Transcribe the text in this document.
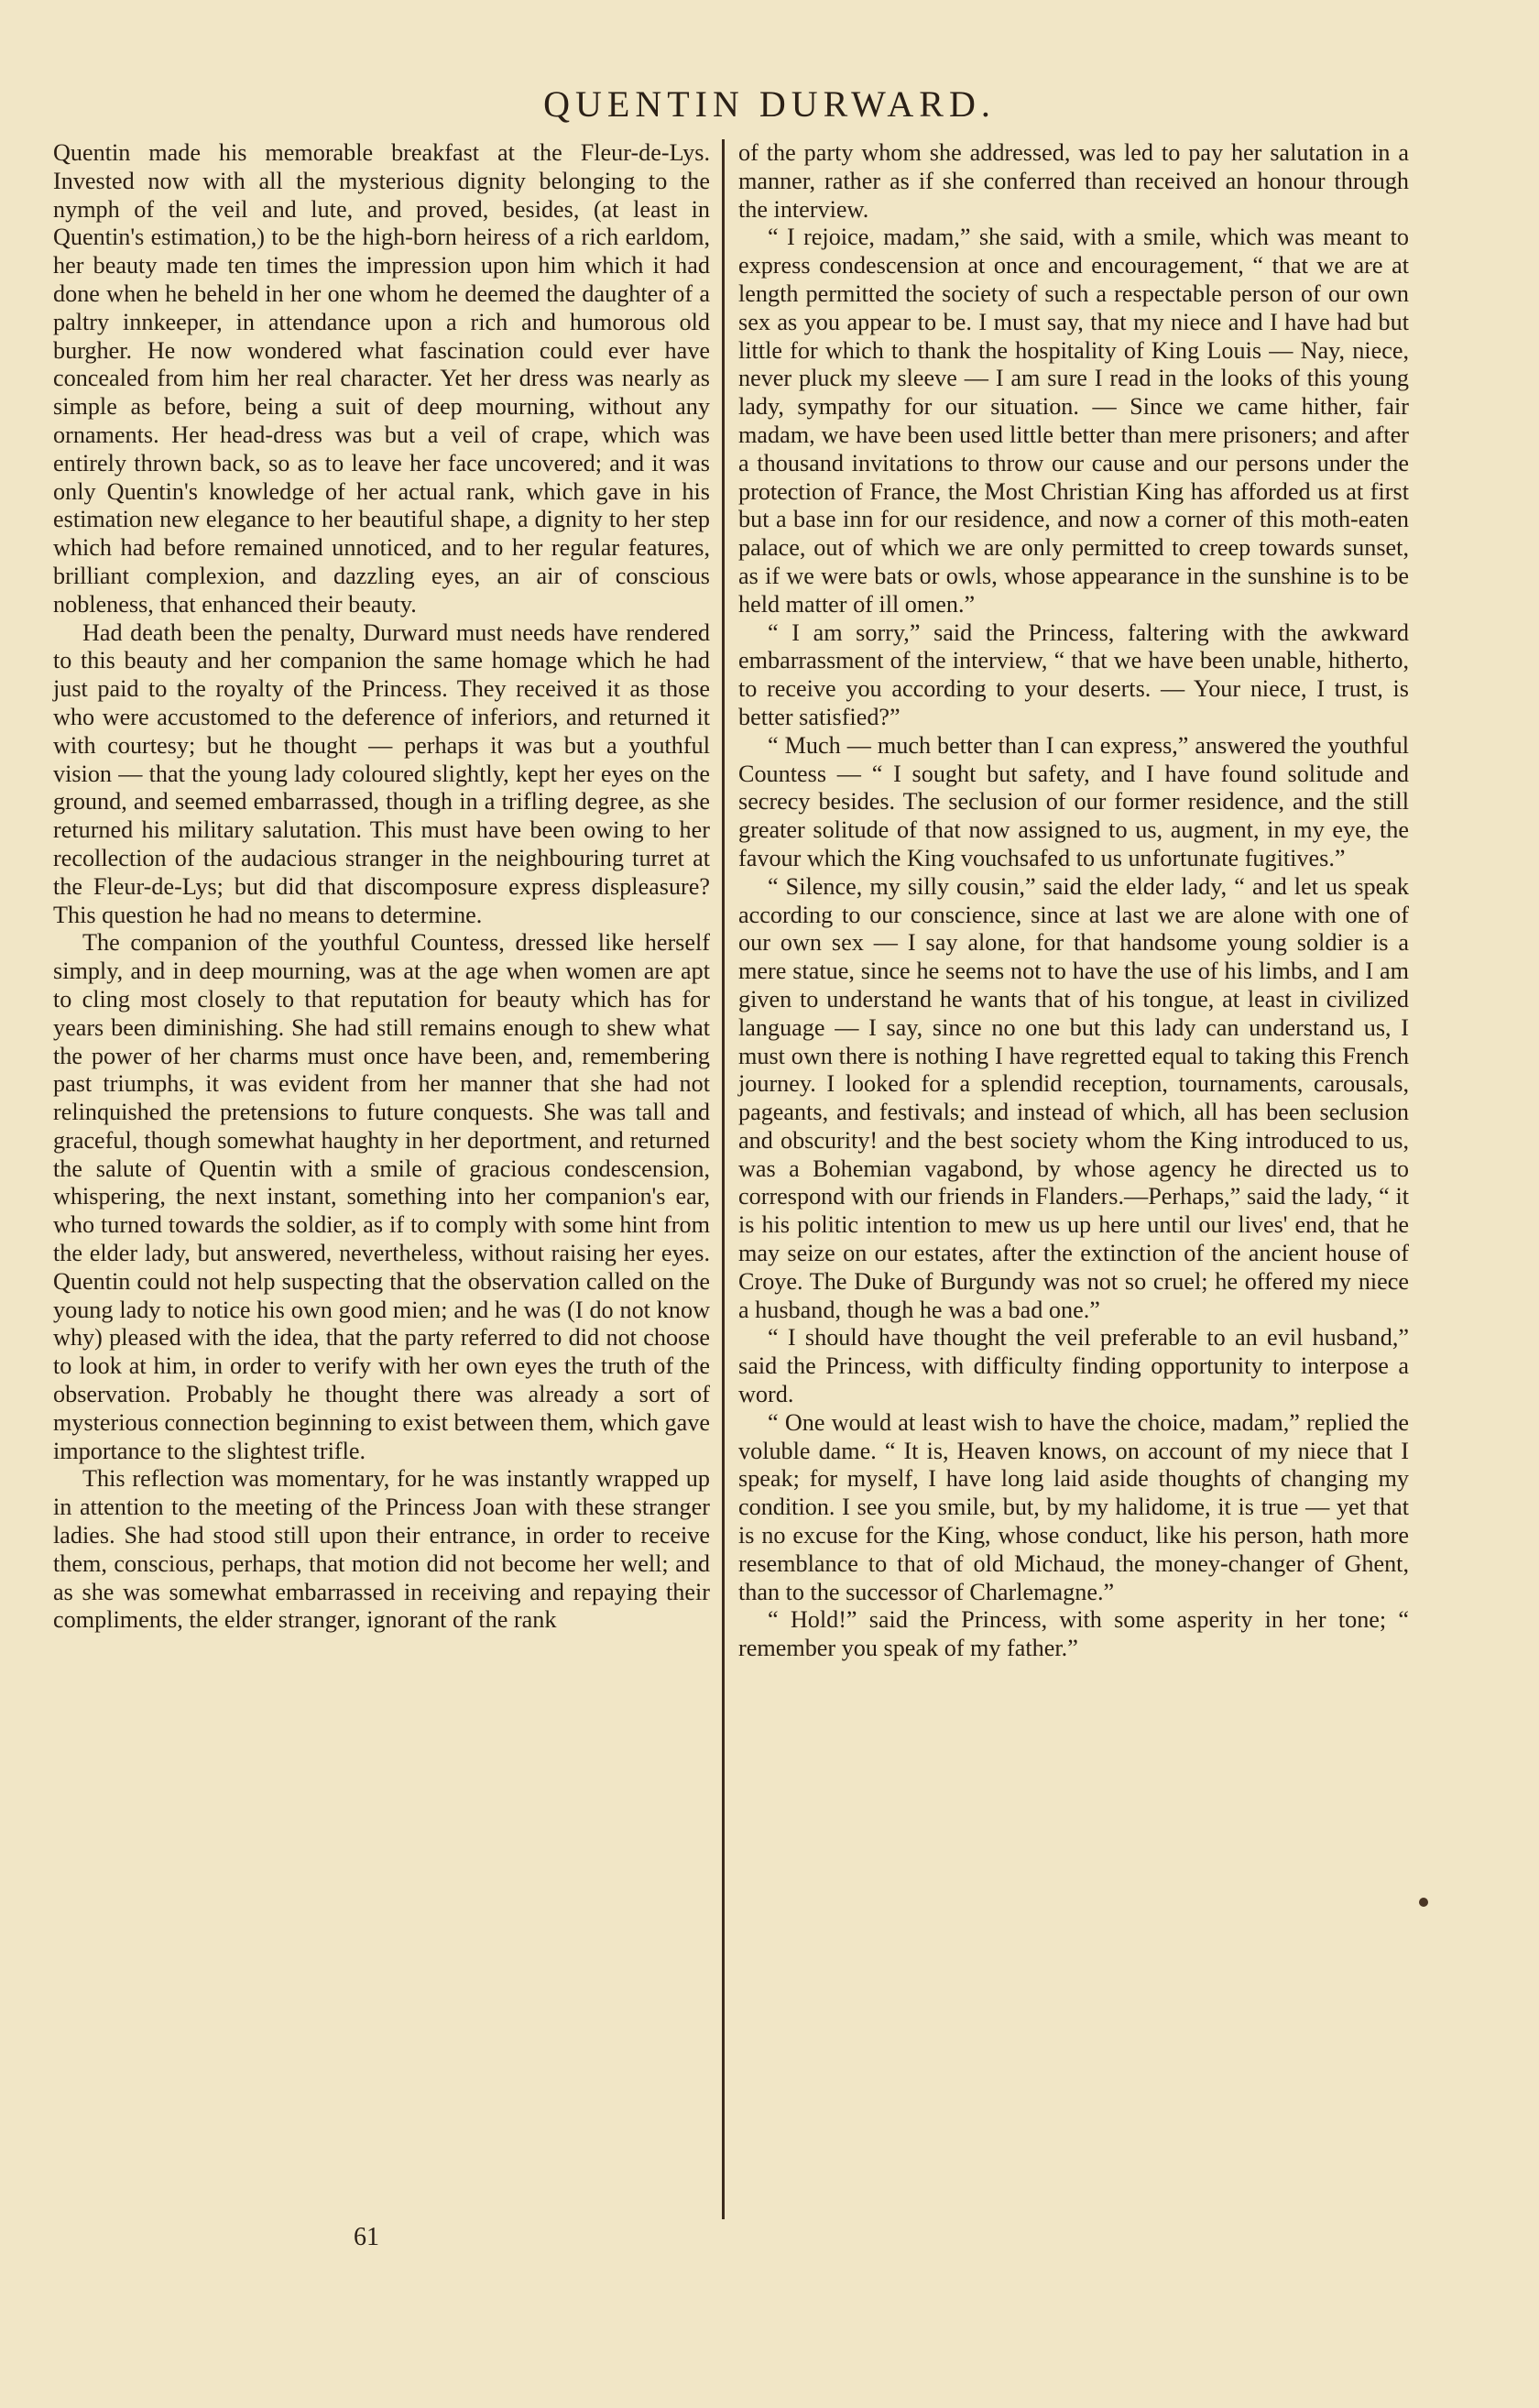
QUENTIN DURWARD.

Quentin made his memorable breakfast at the Fleur-de-Lys. Invested now with all the mysterious dignity belonging to the nymph of the veil and lute, and proved, besides, (at least in Quentin's estimation,) to be the high-born heiress of a rich earldom, her beauty made ten times the impression upon him which it had done when he beheld in her one whom he deemed the daughter of a paltry innkeeper, in attendance upon a rich and humorous old burgher. He now wondered what fascination could ever have concealed from him her real character. Yet her dress was nearly as simple as before, being a suit of deep mourning, without any ornaments. Her head-dress was but a veil of crape, which was entirely thrown back, so as to leave her face uncovered; and it was only Quentin's knowledge of her actual rank, which gave in his estimation new elegance to her beautiful shape, a dignity to her step which had before remained unnoticed, and to her regular features, brilliant complexion, and dazzling eyes, an air of conscious nobleness, that enhanced their beauty.

Had death been the penalty, Durward must needs have rendered to this beauty and her companion the same homage which he had just paid to the royalty of the Princess. They received it as those who were accustomed to the deference of inferiors, and returned it with courtesy; but he thought — perhaps it was but a youthful vision — that the young lady coloured slightly, kept her eyes on the ground, and seemed embarrassed, though in a trifling degree, as she returned his military salutation. This must have been owing to her recollection of the audacious stranger in the neighbouring turret at the Fleur-de-Lys; but did that discomposure express displeasure? This question he had no means to determine.

The companion of the youthful Countess, dressed like herself simply, and in deep mourning, was at the age when women are apt to cling most closely to that reputation for beauty which has for years been diminishing. She had still remains enough to shew what the power of her charms must once have been, and, remembering past triumphs, it was evident from her manner that she had not relinquished the pretensions to future conquests. She was tall and graceful, though somewhat haughty in her deportment, and returned the salute of Quentin with a smile of gracious condescension, whispering, the next instant, something into her companion's ear, who turned towards the soldier, as if to comply with some hint from the elder lady, but answered, nevertheless, without raising her eyes. Quentin could not help suspecting that the observation called on the young lady to notice his own good mien; and he was (I do not know why) pleased with the idea, that the party referred to did not choose to look at him, in order to verify with her own eyes the truth of the observation. Probably he thought there was already a sort of mysterious connection beginning to exist between them, which gave importance to the slightest trifle.

This reflection was momentary, for he was instantly wrapped up in attention to the meeting of the Princess Joan with these stranger ladies. She had stood still upon their entrance, in order to receive them, conscious, perhaps, that motion did not become her well; and as she was somewhat embarrassed in receiving and repaying their compliments, the elder stranger, ignorant of the rank

of the party whom she addressed, was led to pay her salutation in a manner, rather as if she conferred than received an honour through the interview.

“ I rejoice, madam,” she said, with a smile, which was meant to express condescension at once and encouragement, “ that we are at length permitted the society of such a respectable person of our own sex as you appear to be. I must say, that my niece and I have had but little for which to thank the hospitality of King Louis — Nay, niece, never pluck my sleeve — I am sure I read in the looks of this young lady, sympathy for our situation. — Since we came hither, fair madam, we have been used little better than mere prisoners; and after a thousand invitations to throw our cause and our persons under the protection of France, the Most Christian King has afforded us at first but a base inn for our residence, and now a corner of this moth-eaten palace, out of which we are only permitted to creep towards sunset, as if we were bats or owls, whose appearance in the sunshine is to be held matter of ill omen.”

“ I am sorry,” said the Princess, faltering with the awkward embarrassment of the interview, “ that we have been unable, hitherto, to receive you according to your deserts. — Your niece, I trust, is better satisfied?”

“ Much — much better than I can express,” answered the youthful Countess — “ I sought but safety, and I have found solitude and secrecy besides. The seclusion of our former residence, and the still greater solitude of that now assigned to us, augment, in my eye, the favour which the King vouchsafed to us unfortunate fugitives.”

“ Silence, my silly cousin,” said the elder lady, “ and let us speak according to our conscience, since at last we are alone with one of our own sex — I say alone, for that handsome young soldier is a mere statue, since he seems not to have the use of his limbs, and I am given to understand he wants that of his tongue, at least in civilized language — I say, since no one but this lady can understand us, I must own there is nothing I have regretted equal to taking this French journey. I looked for a splendid reception, tournaments, carousals, pageants, and festivals; and instead of which, all has been seclusion and obscurity! and the best society whom the King introduced to us, was a Bohemian vagabond, by whose agency he directed us to correspond with our friends in Flanders.—Perhaps,” said the lady, “ it is his politic intention to mew us up here until our lives' end, that he may seize on our estates, after the extinction of the ancient house of Croye. The Duke of Burgundy was not so cruel; he offered my niece a husband, though he was a bad one.”

“ I should have thought the veil preferable to an evil husband,” said the Princess, with difficulty finding opportunity to interpose a word.

“ One would at least wish to have the choice, madam,” replied the voluble dame. “ It is, Heaven knows, on account of my niece that I speak; for myself, I have long laid aside thoughts of changing my condition. I see you smile, but, by my halidome, it is true — yet that is no excuse for the King, whose conduct, like his person, hath more resemblance to that of old Michaud, the money-changer of Ghent, than to the successor of Charlemagne.”

“ Hold!” said the Princess, with some asperity in her tone; “ remember you speak of my father.”

61
